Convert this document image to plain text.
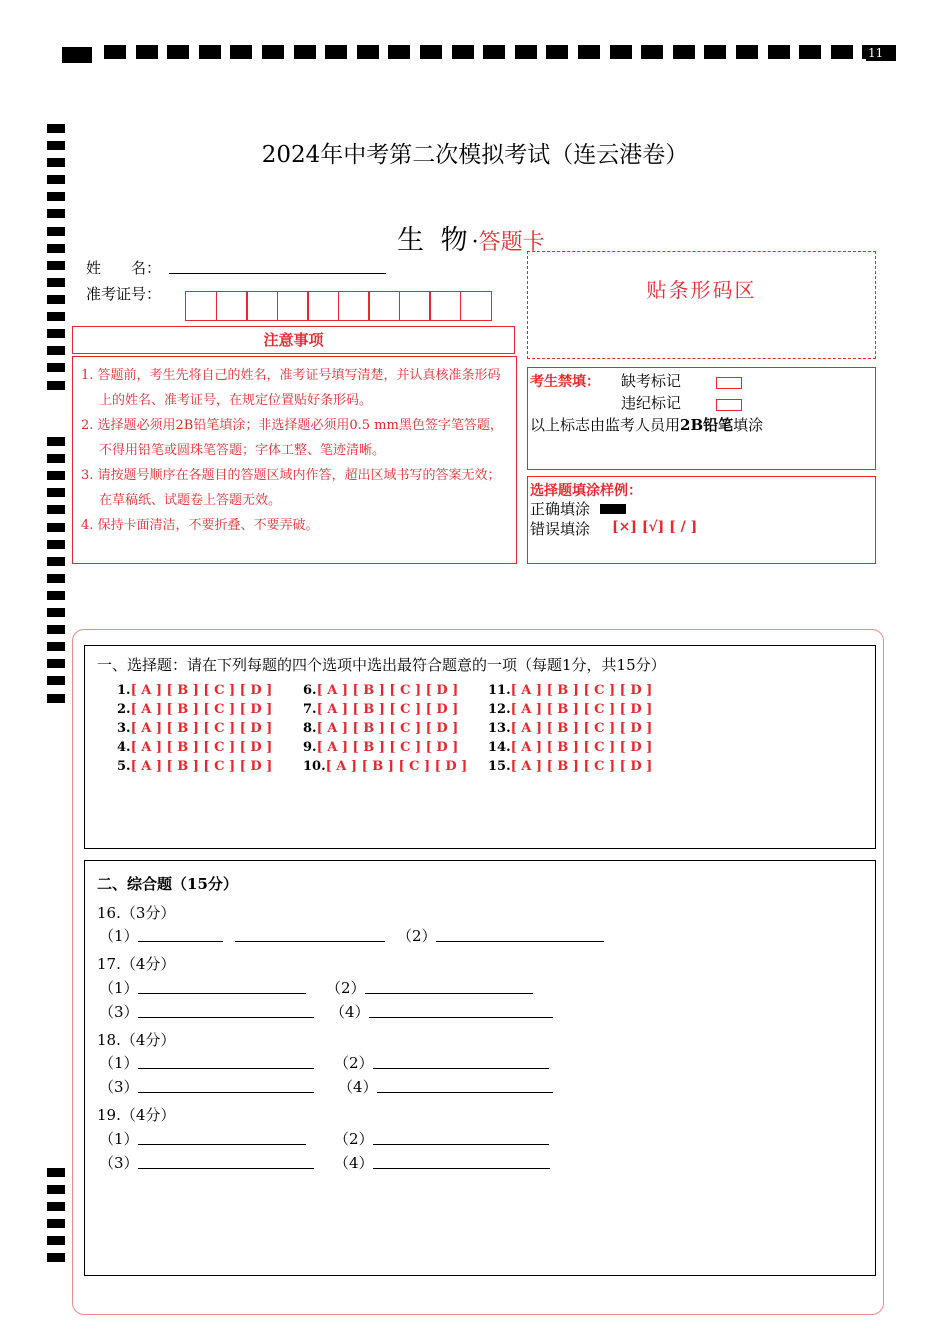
11
2024年中考第二次模拟考试（连云港卷）
生 物·答题卡
姓　　名：
准考证号：
注意事项

1. 答题前，考生先将自己的姓名，准考证号填写清楚，并认真核准条形码上的姓名、准考证号，在规定位置贴好条形码。

2. 选择题必须用2B铅笔填涂；非选择题必须用0.5 mm黑色签字笔答题，不得用铅笔或圆珠笔答题；字体工整、笔迹清晰。

3. 请按题号顺序在各题目的答题区域内作答，超出区域书写的答案无效；在草稿纸、试题卷上答题无效。

4. 保持卡面清洁，不要折叠、不要弄破。

贴条形码区
考生禁填： 缺考标记
违纪标记
以上标志由监考人员用2B铅笔填涂
选择题填涂样例：
正确填涂
错误填涂 [×] [√] [ / ]
一、选择题：请在下列每题的四个选项中选出最符合题意的一项（每题1分，共15分）
1.[ A ] [ B ] [ C ] [ D ]
2.[ A ] [ B ] [ C ] [ D ]
3.[ A ] [ B ] [ C ] [ D ]
4.[ A ] [ B ] [ C ] [ D ]
5.[ A ] [ B ] [ C ] [ D ]
6.[ A ] [ B ] [ C ] [ D ]
7.[ A ] [ B ] [ C ] [ D ]
8.[ A ] [ B ] [ C ] [ D ]
9.[ A ] [ B ] [ C ] [ D ]
10.[ A ] [ B ] [ C ] [ D ]
11.[ A ] [ B ] [ C ] [ D ]
12.[ A ] [ B ] [ C ] [ D ]
13.[ A ] [ B ] [ C ] [ D ]
14.[ A ] [ B ] [ C ] [ D ]
15.[ A ] [ B ] [ C ] [ D ]
二、综合题（15分）
16.（3分）
（1）	（2）
17.（4分）
（1）	（2）
（3）	（4）
18.（4分）
（1）	（2）
（3）	（4）
19.（4分）
（1）	（2）
（3）	（4）
